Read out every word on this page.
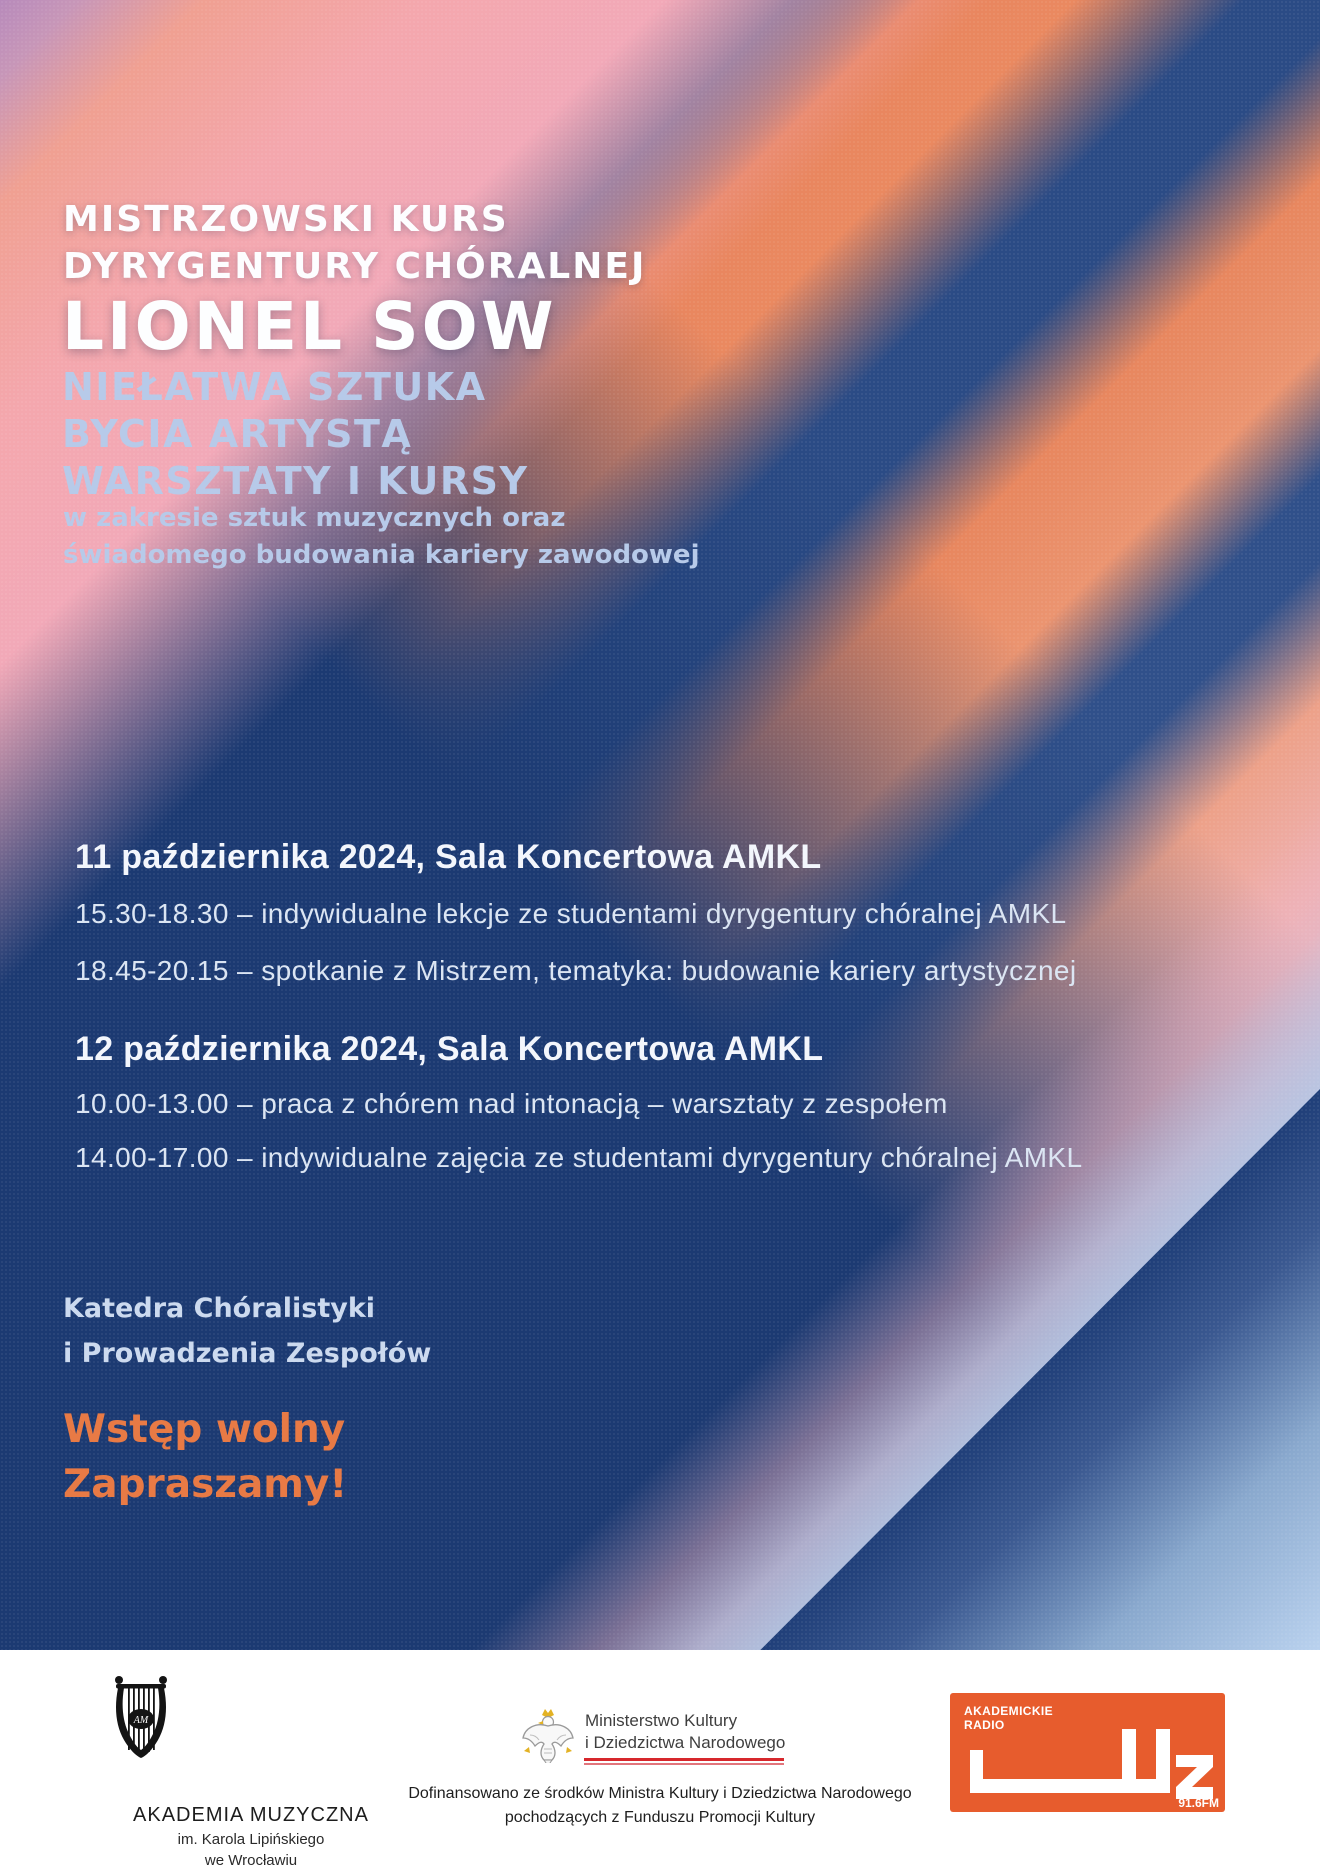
MISTRZOWSKI KURS
DYRYGENTURY CHÓRALNEJ
LIONEL SOW
NIEŁATWA SZTUKA
BYCIA ARTYSTĄ
WARSZTATY I KURSY
w zakresie sztuk muzycznych oraz
świadomego budowania kariery zawodowej
11 października 2024, Sala Koncertowa AMKL
15.30-18.30 – indywidualne lekcje ze studentami dyrygentury chóralnej AMKL
18.45-20.15 – spotkanie z Mistrzem, tematyka: budowanie kariery artystycznej
12 października 2024, Sala Koncertowa AMKL
10.00-13.00 – praca z chórem nad intonacją – warsztaty z zespołem
14.00-17.00 – indywidualne zajęcia ze studentami dyrygentury chóralnej AMKL
Katedra Chóralistyki
i Prowadzenia Zespołów
Wstęp wolny
Zapraszamy!
AM
AKADEMIA MUZYCZNA
im. Karola Lipińskiego
we Wrocławiu
Ministerstwo Kultury
i Dziedzictwa Narodowego
Dofinansowano ze środków Ministra Kultury i Dziedzictwa Narodowego
pochodzących z Funduszu Promocji Kultury
AKADEMICKIE
RADIO
91.6FM
